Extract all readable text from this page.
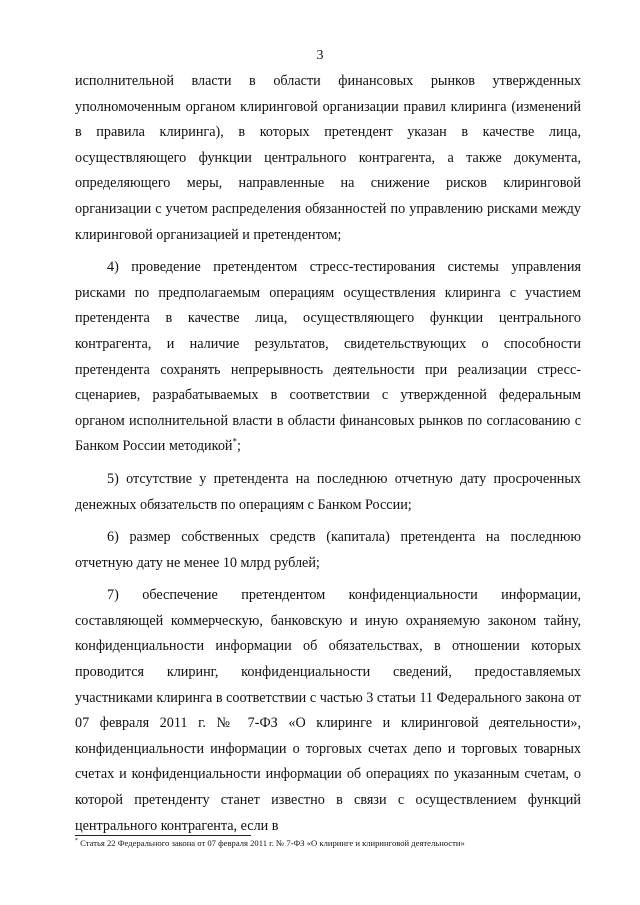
3

исполнительной власти в области финансовых рынков утвержденных уполномоченным органом клиринговой организации правил клиринга (изменений в правила клиринга), в которых претендент указан в качестве лица, осуществляющего функции центрального контрагента, а также документа, определяющего меры, направленные на снижение рисков клиринговой организации с учетом распределения обязанностей по управлению рисками между клиринговой организацией и претендентом;

4) проведение претендентом стресс-тестирования системы управления рисками по предполагаемым операциям осуществления клиринга с участием претендента в качестве лица, осуществляющего функции центрального контрагента, и наличие результатов, свидетельствующих о способности претендента сохранять непрерывность деятельности при реализации стресс-сценариев, разрабатываемых в соответствии с утвержденной федеральным органом исполнительной власти в области финансовых рынков по согласованию с Банком России методикой*;

5) отсутствие у претендента на последнюю отчетную дату просроченных денежных обязательств по операциям с Банком России;

6) размер собственных средств (капитала) претендента на последнюю отчетную дату не менее 10 млрд рублей;

7) обеспечение претендентом конфиденциальности информации, составляющей коммерческую, банковскую и иную охраняемую законом тайну, конфиденциальности информации об обязательствах, в отношении которых проводится клиринг, конфиденциальности сведений, предоставляемых участниками клиринга в соответствии с частью 3 статьи 11 Федерального закона от 07 февраля 2011 г. № 7-ФЗ «О клиринге и клиринговой деятельности», конфиденциальности информации о торговых счетах депо и торговых товарных счетах и конфиденциальности информации об операциях по указанным счетам, о которой претенденту станет известно в связи с осуществлением функций центрального контрагента, если в

* Статья 22 Федерального закона от 07 февраля 2011 г. № 7-ФЗ «О клиринге и клиринговой деятельности»
